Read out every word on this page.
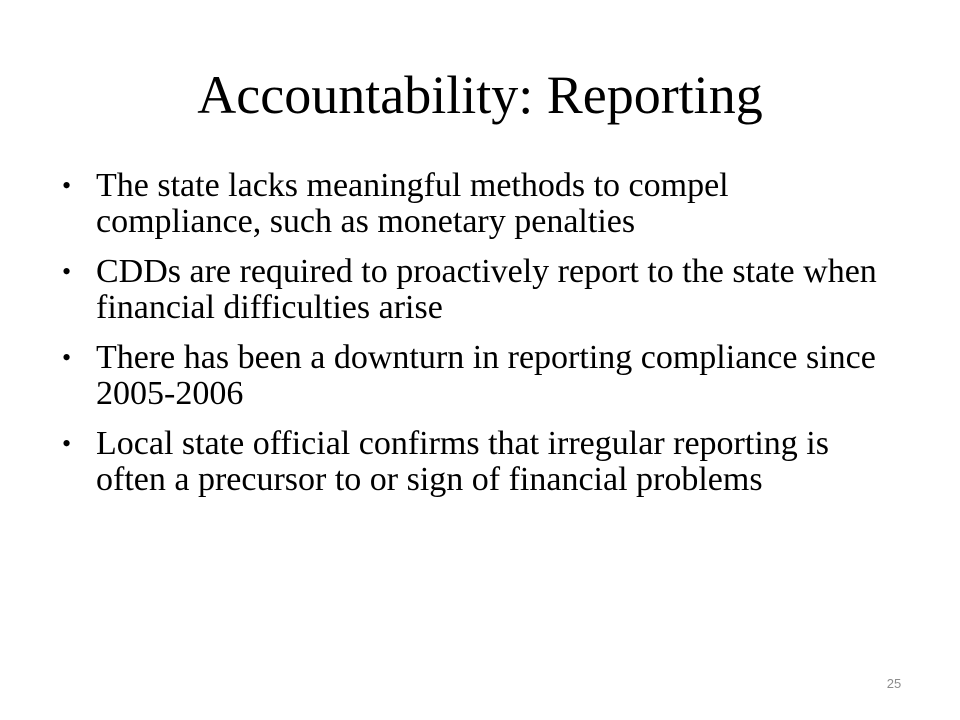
Accountability: Reporting
• The state lacks meaningful methods to compel compliance, such as monetary penalties
• CDDs are required to proactively report to the state when financial difficulties arise
• There has been a downturn in reporting compliance since 2005-2006
• Local state official confirms that irregular reporting is often a precursor to or sign of financial problems
25
